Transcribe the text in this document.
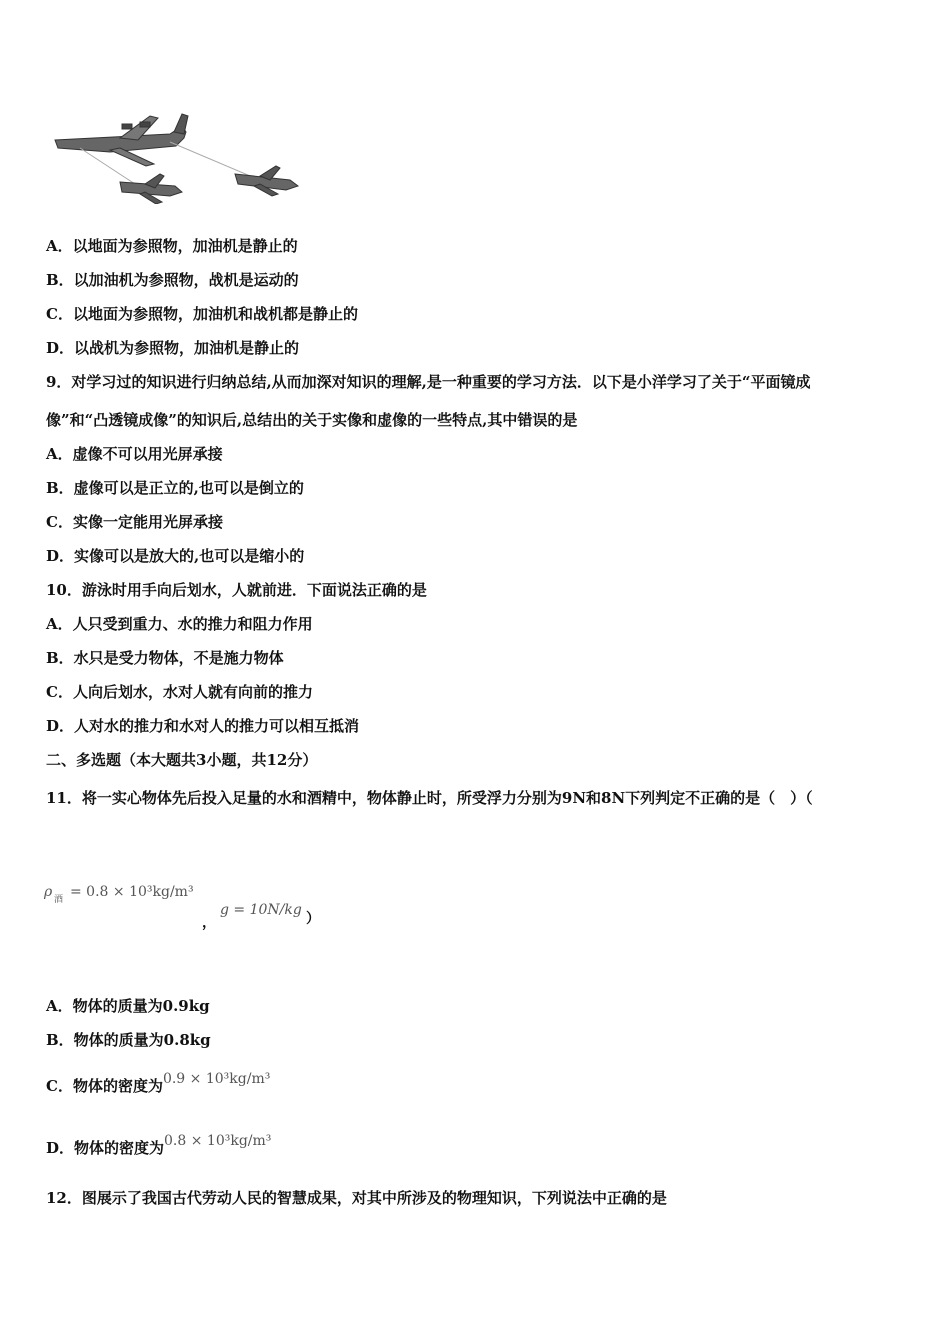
A．以地面为参照物，加油机是静止的
B．以加油机为参照物，战机是运动的
C．以地面为参照物，加油机和战机都是静止的
D．以战机为参照物，加油机是静止的
9．对学习过的知识进行归纳总结,从而加深对知识的理解,是一种重要的学习方法．以下是小洋学习了关于“平面镜成
像”和“凸透镜成像”的知识后,总结出的关于实像和虚像的一些特点,其中错误的是
A．虚像不可以用光屏承接
B．虚像可以是正立的,也可以是倒立的
C．实像一定能用光屏承接
D．实像可以是放大的,也可以是缩小的
10．游泳时用手向后划水，人就前进．下面说法正确的是
A．人只受到重力、水的推力和阻力作用
B．水只是受力物体，不是施力物体
C．人向后划水，水对人就有向前的推力
D．人对水的推力和水对人的推力可以相互抵消
二、多选题（本大题共3小题，共12分）
11．将一实心物体先后投入足量的水和酒精中，物体静止时，所受浮力分别为9N和8N下列判定不正确的是（　）（
ρ 酒 = 0.8 × 10³kg/m³
，
g = 10N/kg
）
A．物体的质量为0.9kg
B．物体的质量为0.8kg
C．物体的密度为0.9 × 10³kg/m³
D．物体的密度为0.8 × 10³kg/m³
12．图展示了我国古代劳动人民的智慧成果，对其中所涉及的物理知识，下列说法中正确的是
